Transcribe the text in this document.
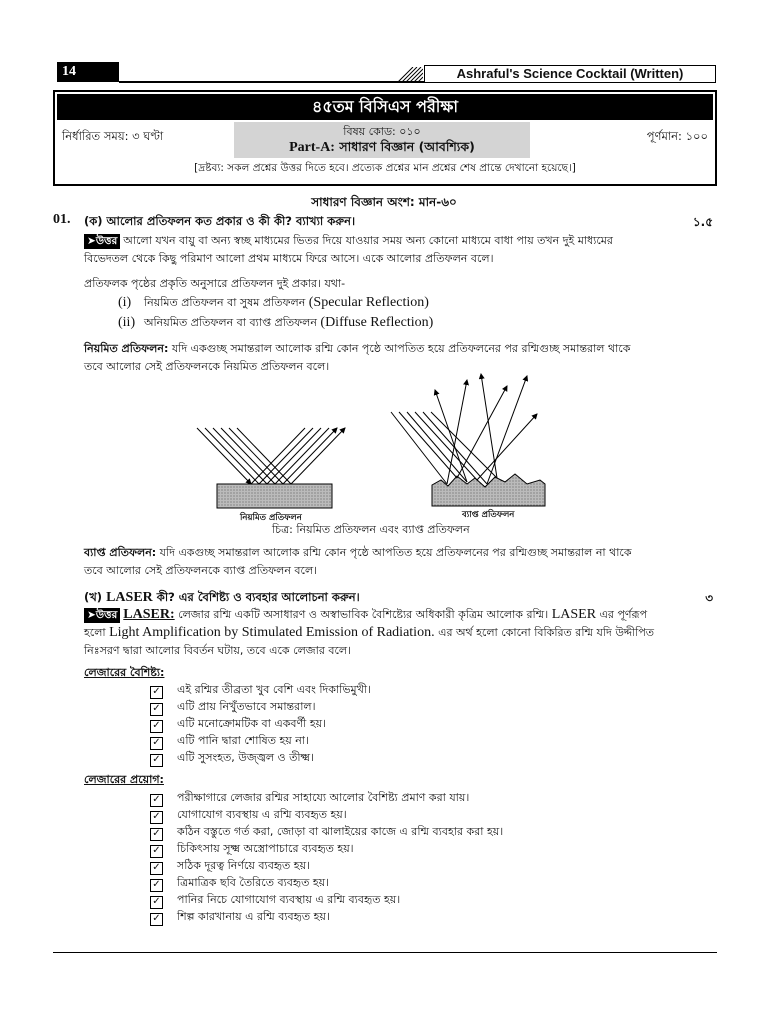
14	Ashraful's Science Cocktail (Written)
৪৫তম বিসিএস পরীক্ষা
নির্ধারিত সময়: ৩ ঘণ্টা	বিষয় কোড: ০১০
Part-A: সাধারণ বিজ্ঞান (আবশ্যিক)
পূর্ণমান: ১০০
[দ্রষ্টব্য: সকল প্রশ্নের উত্তর দিতে হবে। প্রত্যেক প্রশ্নের মান প্রশ্নের শেষ প্রান্তে দেখানো হয়েছে।]
সাধারণ বিজ্ঞান অংশ: মান-৬০
01. (ক) আলোর প্রতিফলন কত প্রকার ও কী কী? ব্যাখ্যা করুন।	১.৫
➤উত্তর আলো যখন বায়ু বা অন্য স্বচ্ছ মাধ্যমের ভিতর দিয়ে যাওয়ার সময় অন্য কোনো মাধ্যমে বাধা পায় তখন দুই মাধ্যমের
বিভেদতল থেকে কিছু পরিমাণ আলো প্রথম মাধ্যমে ফিরে আসে। একে আলোর প্রতিফলন বলে।
প্রতিফলক পৃষ্ঠের প্রকৃতি অনুসারে প্রতিফলন দুই প্রকার। যথা-
(i) নিয়মিত প্রতিফলন বা সুষম প্রতিফলন (Specular Reflection)
(ii) অনিয়মিত প্রতিফলন বা ব্যাপ্ত প্রতিফলন (Diffuse Reflection)
নিয়মিত প্রতিফলন: যদি একগুচ্ছ সমান্তরাল আলোক রশ্মি কোন পৃষ্ঠে আপতিত হয়ে প্রতিফলনের পর রশ্মিগুচ্ছ সমান্তরাল থাকে
তবে আলোর সেই প্রতিফলনকে নিয়মিত প্রতিফলন বলে।
নিয়মিত প্রতিফলন	ব্যাপ্ত প্রতিফলন
চিত্র: নিয়মিত প্রতিফলন এবং ব্যাপ্ত প্রতিফলন
ব্যাপ্ত প্রতিফলন: যদি একগুচ্ছ সমান্তরাল আলোক রশ্মি কোন পৃষ্ঠে আপতিত হয়ে প্রতিফলনের পর রশ্মিগুচ্ছ সমান্তরাল না থাকে
তবে আলোর সেই প্রতিফলনকে ব্যাপ্ত প্রতিফলন বলে।
(খ) LASER কী? এর বৈশিষ্ট্য ও ব্যবহার আলোচনা করুন।	৩
➤উত্তর LASER: লেজার রশ্মি একটি অসাধারণ ও অস্বাভাবিক বৈশিষ্ট্যের অধিকারী কৃত্রিম আলোক রশ্মি। LASER এর পূর্ণরূপ
হলো Light Amplification by Stimulated Emission of Radiation. এর অর্থ হলো কোনো বিকিরিত রশ্মি যদি উদ্দীপিত
নিঃসরণ দ্বারা আলোর বিবর্তন ঘটায়, তবে একে লেজার বলে।
লেজারের বৈশিষ্ট্য:
✓ এই রশ্মির তীব্রতা খুব বেশি এবং দিকাভিমুখী।
✓ এটি প্রায় নিখুঁতভাবে সমান্তরাল।
✓ এটি মনোক্রোমটিক বা একবর্ণী হয়।
✓ এটি পানি দ্বারা শোষিত হয় না।
✓ এটি সুসংহত, উজ্জ্বল ও তীক্ষ্ম।
লেজারের প্রয়োগ:
✓ পরীক্ষাগারে লেজার রশ্মির সাহায্যে আলোর বৈশিষ্ট্য প্রমাণ করা যায়।
✓ যোগাযোগ ব্যবস্থায় এ রশ্মি ব্যবহৃত হয়।
✓ কঠিন বস্তুতে গর্ত করা, জোড়া বা ঝালাইয়ের কাজে এ রশ্মি ব্যবহার করা হয়।
✓ চিকিৎসায় সূক্ষ্ম অস্ত্রোপাচারে ব্যবহৃত হয়।
✓ সঠিক দূরত্ব নির্ণয়ে ব্যবহৃত হয়।
✓ ত্রিমাত্রিক ছবি তৈরিতে ব্যবহৃত হয়।
✓ পানির নিচে যোগাযোগ ব্যবস্থায় এ রশ্মি ব্যবহৃত হয়।
✓ শিল্প কারখানায় এ রশ্মি ব্যবহৃত হয়।
